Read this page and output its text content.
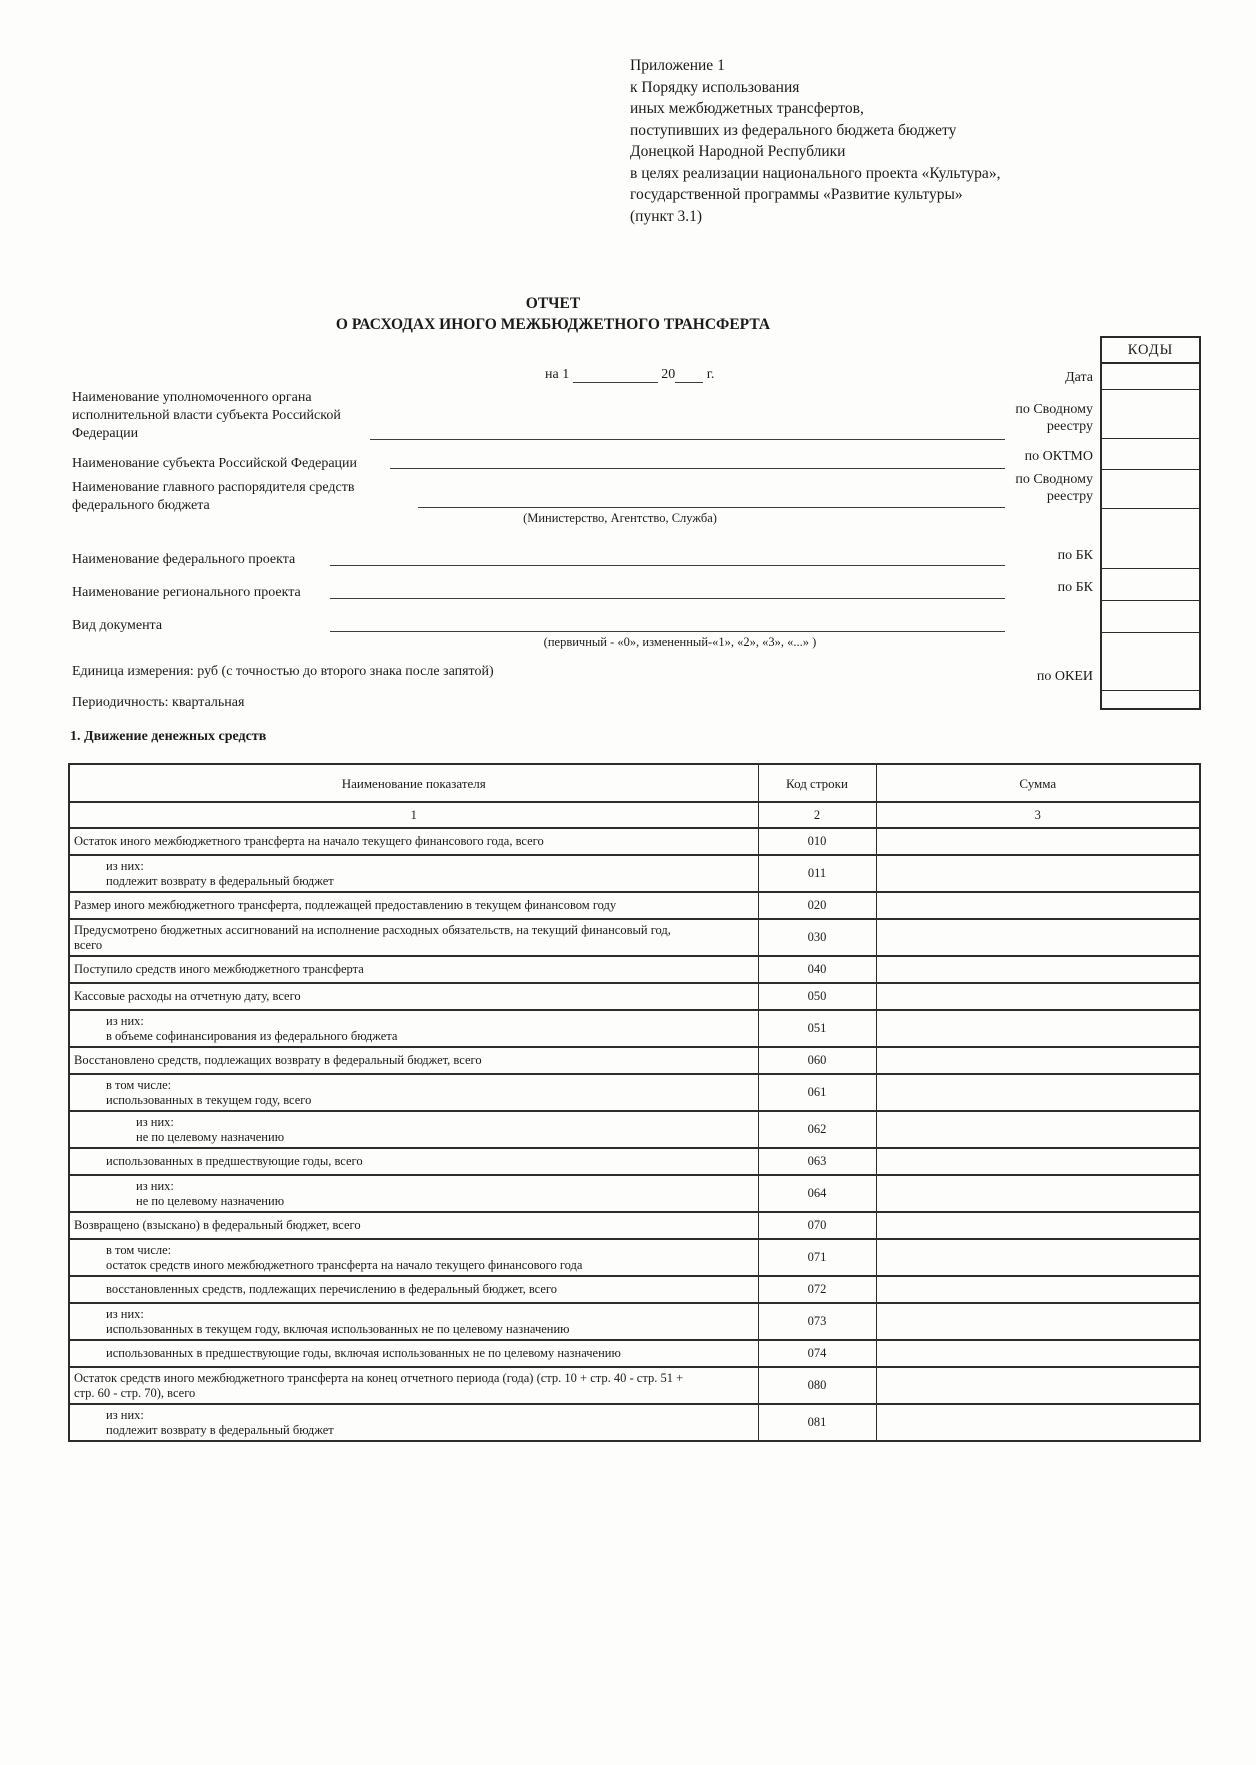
Приложение 1
к Порядку использования
иных межбюджетных трансфертов,
поступивших из федерального бюджета бюджету
Донецкой Народной Республики
в целях реализации национального проекта «Культура»,
государственной программы «Развитие культуры»
(пункт 3.1)
ОТЧЕТ
О РАСХОДАХ ИНОГО МЕЖБЮДЖЕТНОГО ТРАНСФЕРТА
на 1	20 г.	Дата
по Сводному реестру
по ОКТМО
по Сводному реестру
по БК
по БК
по ОКЕИ
КОДЫ
Наименование уполномоченного органа исполнительной власти субъекта Российской Федерации
Наименование субъекта Российской Федерации
Наименование главного распорядителя средств федерального бюджета
(Министерство, Агентство, Служба)
Наименование федерального проекта
Наименование регионального проекта
Вид документа
(первичный - «0», измененный-«1», «2», «3», «...» )
Единица измерения: руб (с точностью до второго знака после запятой)
Периодичность: квартальная
1. Движение денежных средств
Наименование показателя	Код строки	Сумма
1	2	3

Остаток иного межбюджетного трансферта на начало текущего финансового года, всего	010	

из них:
подлежит возврату в федеральный бюджет	011	

Размер иного межбюджетного трансферта, подлежащей предоставлению в текущем финансовом году	020	

Предусмотрено бюджетных ассигнований на исполнение расходных обязательств, на текущий финансовый год,
всего	030	

Поступило средств иного межбюджетного трансферта	040	

Кассовые расходы на отчетную дату, всего	050	

из них:
в объеме софинансирования из федерального бюджета	051	

Восстановлено средств, подлежащих возврату в федеральный бюджет, всего	060	

в том числе:
использованных в текущем году, всего	061	

из них:
не по целевому назначению	062	

использованных в предшествующие годы, всего	063	

из них:
не по целевому назначению	064	

Возвращено (взыскано) в федеральный бюджет, всего	070	

в том числе:
остаток средств иного межбюджетного трансферта на начало текущего финансового года	071	

восстановленных средств, подлежащих перечислению в федеральный бюджет, всего	072	

из них:
использованных в текущем году, включая использованных не по целевому назначению	073	

использованных в предшествующие годы, включая использованных не по целевому назначению	074	

Остаток средств иного межбюджетного трансферта на конец отчетного периода (года) (стр. 10 + стр. 40 - стр. 51 +
стр. 60 - стр. 70), всего	080	

из них:
подлежит возврату в федеральный бюджет	081	
